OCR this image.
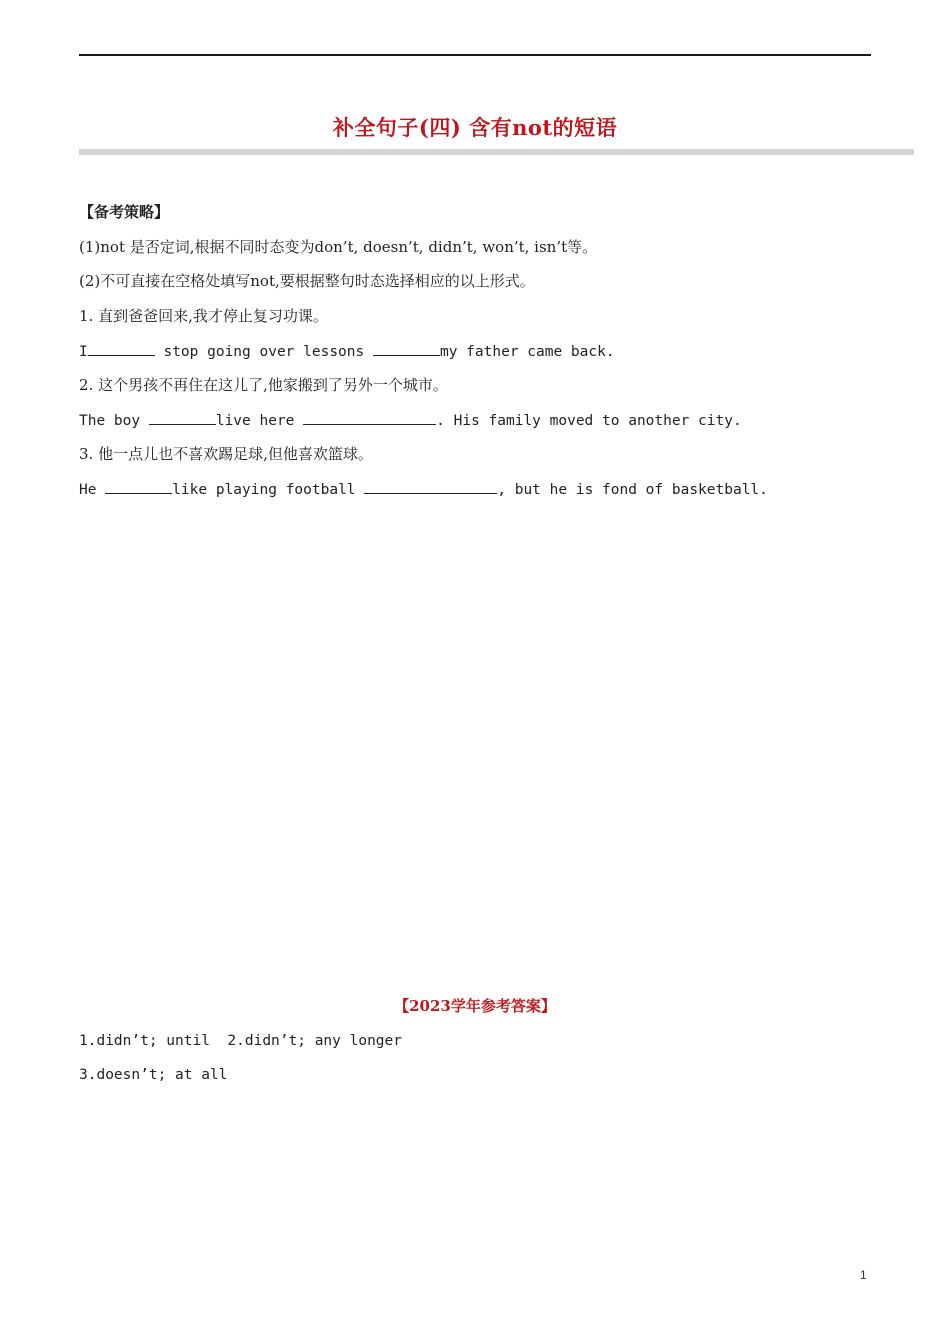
补全句子(四) 含有not的短语
【备考策略】
(1)not 是否定词,根据不同时态变为don’t, doesn’t, didn’t, won’t, isn’t等。
(2)不可直接在空格处填写not,要根据整句时态选择相应的以上形式。
1. 直到爸爸回来,我才停止复习功课。
I	stop going over lessons	my father came back.
2. 这个男孩不再住在这儿了,他家搬到了另外一个城市。
The boy	live here	. His family moved to another city.
3. 他一点儿也不喜欢踢足球,但他喜欢篮球。
He	like playing football	, but he is fond of basketball.
【2023学年参考答案】
1.didn’t; until  2.didn’t; any longer
3.doesn’t; at all
1
